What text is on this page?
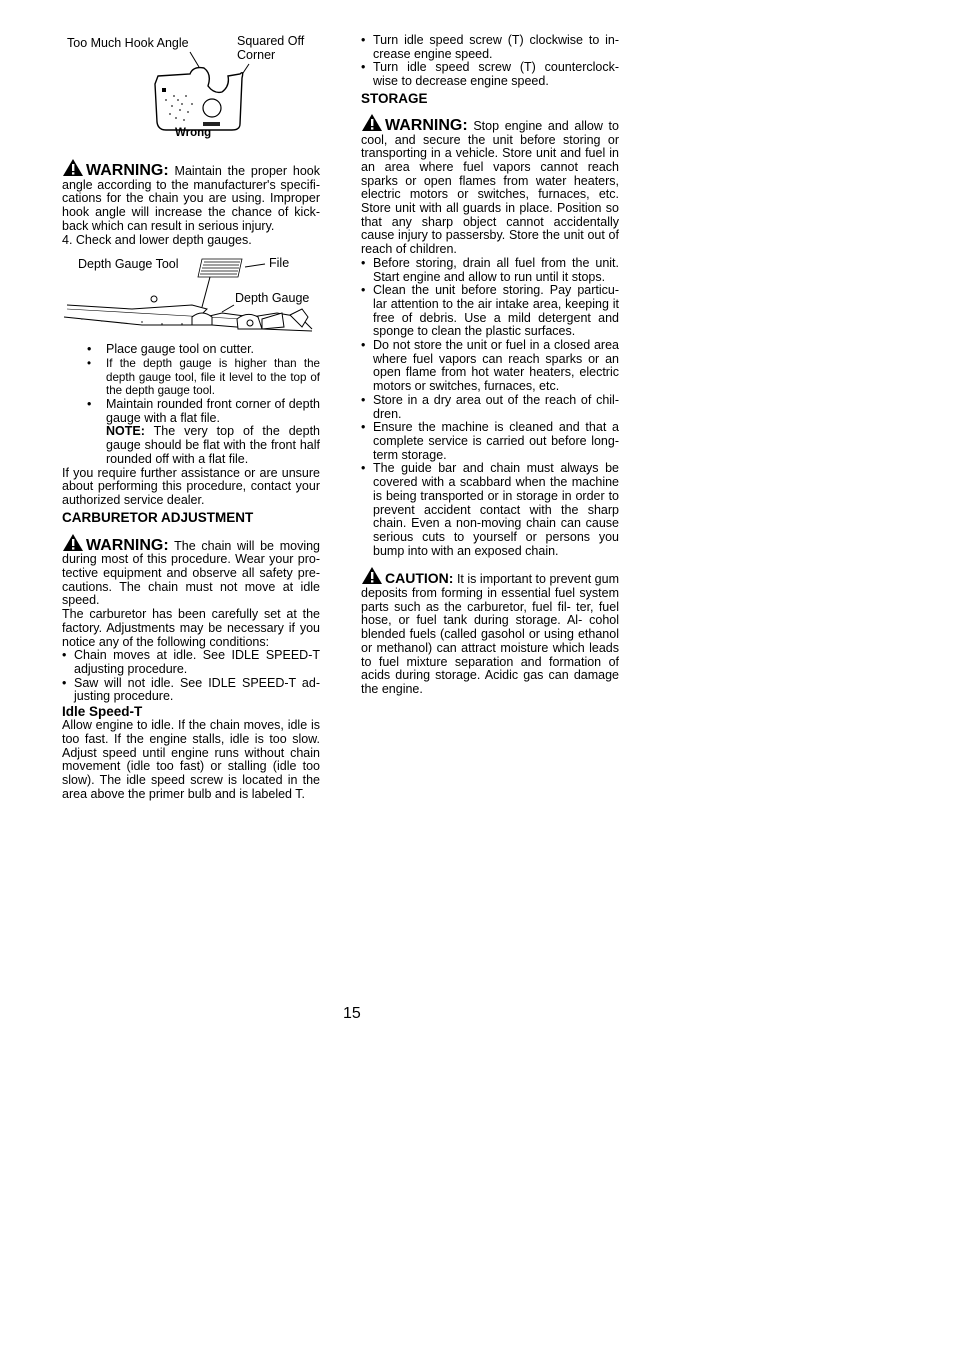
Too Much Hook Angle	Squared Off
Corner
Wrong

WARNING: Maintain the proper hook angle according to the manufacturer's specifi- cations for the chain you are using. Improper hook angle will increase the chance of kick- back which can result in serious injury.

4. Check and lower depth gauges.

Depth Gauge Tool	File
Depth Gauge
• Place gauge tool on cutter.
• If the depth gauge is higher than the depth gauge tool, file it level to the top of the depth gauge tool.
• Maintain rounded front corner of depth gauge with a flat file.

NOTE: The very top of the depth gauge should be flat with the front half rounded off with a flat file.

If you require further assistance or are unsure about performing this procedure, contact your authorized service dealer.

CARBURETOR ADJUSTMENT

WARNING: The chain will be moving during most of this procedure. Wear your pro- tective equipment and observe all safety pre- cautions. The chain must not move at idle speed.

The carburetor has been carefully set at the factory. Adjustments may be necessary if you notice any of the following conditions:

• Chain moves at idle. See IDLE SPEED-T adjusting procedure.
• Saw will not idle. See IDLE SPEED-T ad- justing procedure.
Idle Speed-T

Allow engine to idle. If the chain moves, idle is too fast. If the engine stalls, idle is too slow. Adjust speed until engine runs without chain movement (idle too fast) or stalling (idle too slow). The idle speed screw is located in the area above the primer bulb and is labeled T.

• Turn idle speed screw (T) clockwise to in- crease engine speed.
• Turn idle speed screw (T) counterclock- wise to decrease engine speed.
STORAGE

WARNING: Stop engine and allow to cool, and secure the unit before storing or transporting in a vehicle. Store unit and fuel in an area where fuel vapors cannot reach sparks or open flames from water heaters, electric motors or switches, furnaces, etc. Store unit with all guards in place. Position so that any sharp object cannot accidentally cause injury to passersby. Store the unit out of reach of children.

• Before storing, drain all fuel from the unit. Start engine and allow to run until it stops.
• Clean the unit before storing. Pay particu- lar attention to the air intake area, keeping it free of debris. Use a mild detergent and sponge to clean the plastic surfaces.
• Do not store the unit or fuel in a closed area where fuel vapors can reach sparks or an open flame from hot water heaters, electric motors or switches, furnaces, etc.
• Store in a dry area out of the reach of chil- dren.
• Ensure the machine is cleaned and that a complete service is carried out before long-term storage.
• The guide bar and chain must always be covered with a scabbard when the machine is being transported or in storage in order to prevent accident contact with the sharp chain. Even a non-moving chain can cause serious cuts to yourself or persons you bump into with an exposed chain.

CAUTION: It is important to prevent gum deposits from forming in essential fuel system parts such as the carburetor, fuel fil- ter, fuel hose, or fuel tank during storage. Al- cohol blended fuels (called gasohol or using ethanol or methanol) can attract moisture which leads to fuel mixture separation and formation of acids during storage. Acidic gas can damage the engine.

15
